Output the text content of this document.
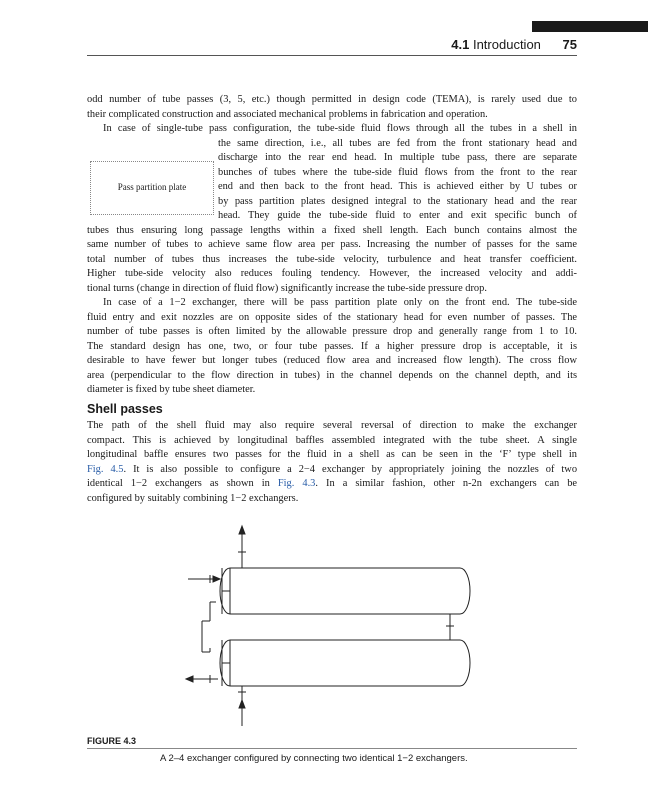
4.1 Introduction 75
odd number of tube passes (3, 5, etc.) though permitted in design code (TEMA), is rarely used due to
their complicated construction and associated mechanical problems in fabrication and operation.
In case of single-tube pass configuration, the tube-side fluid flows through all the tubes in a shell in
Pass partition plate
the same direction, i.e., all tubes are fed from the front stationary head and
discharge into the rear end head. In multiple tube pass, there are separate
bunches of tubes where the tube-side fluid flows from the front to the rear
end and then back to the front head. This is achieved either by U tubes or
by pass partition plates designed integral to the stationary head and the rear
head. They guide the tube-side fluid to enter and exit specific bunch of
tubes thus ensuring long passage lengths within a fixed shell length. Each bunch contains almost the
same number of tubes to achieve same flow area per pass. Increasing the number of passes for the same
total number of tubes thus increases the tube-side velocity, turbulence and heat transfer coefficient.
Higher tube-side velocity also reduces fouling tendency. However, the increased velocity and addi-
tional turns (change in direction of fluid flow) significantly increase the tube-side pressure drop.
In case of a 1−2 exchanger, there will be pass partition plate only on the front end. The tube-side
fluid entry and exit nozzles are on opposite sides of the stationary head for even number of passes. The
number of tube passes is often limited by the allowable pressure drop and generally range from 1 to 10.
The standard design has one, two, or four tube passes. If a higher pressure drop is acceptable, it is
desirable to have fewer but longer tubes (reduced flow area and increased flow length). The cross flow
area (perpendicular to the flow direction in tubes) in the channel depends on the channel depth, and its
diameter is fixed by tube sheet diameter.
Shell passes
The path of the shell fluid may also require several reversal of direction to make the exchanger
compact. This is achieved by longitudinal baffles assembled integrated with the tube sheet. A single
longitudinal baffle ensures two passes for the fluid in a shell as can be seen in the ‘F’ type shell in
Fig. 4.5. It is also possible to configure a 2−4 exchanger by appropriately joining the nozzles of two
identical 1−2 exchangers as shown in Fig. 4.3. In a similar fashion, other n-2n exchangers can be
configured by suitably combining 1−2 exchangers.
FIGURE 4.3
A 2–4 exchanger configured by connecting two identical 1−2 exchangers.
